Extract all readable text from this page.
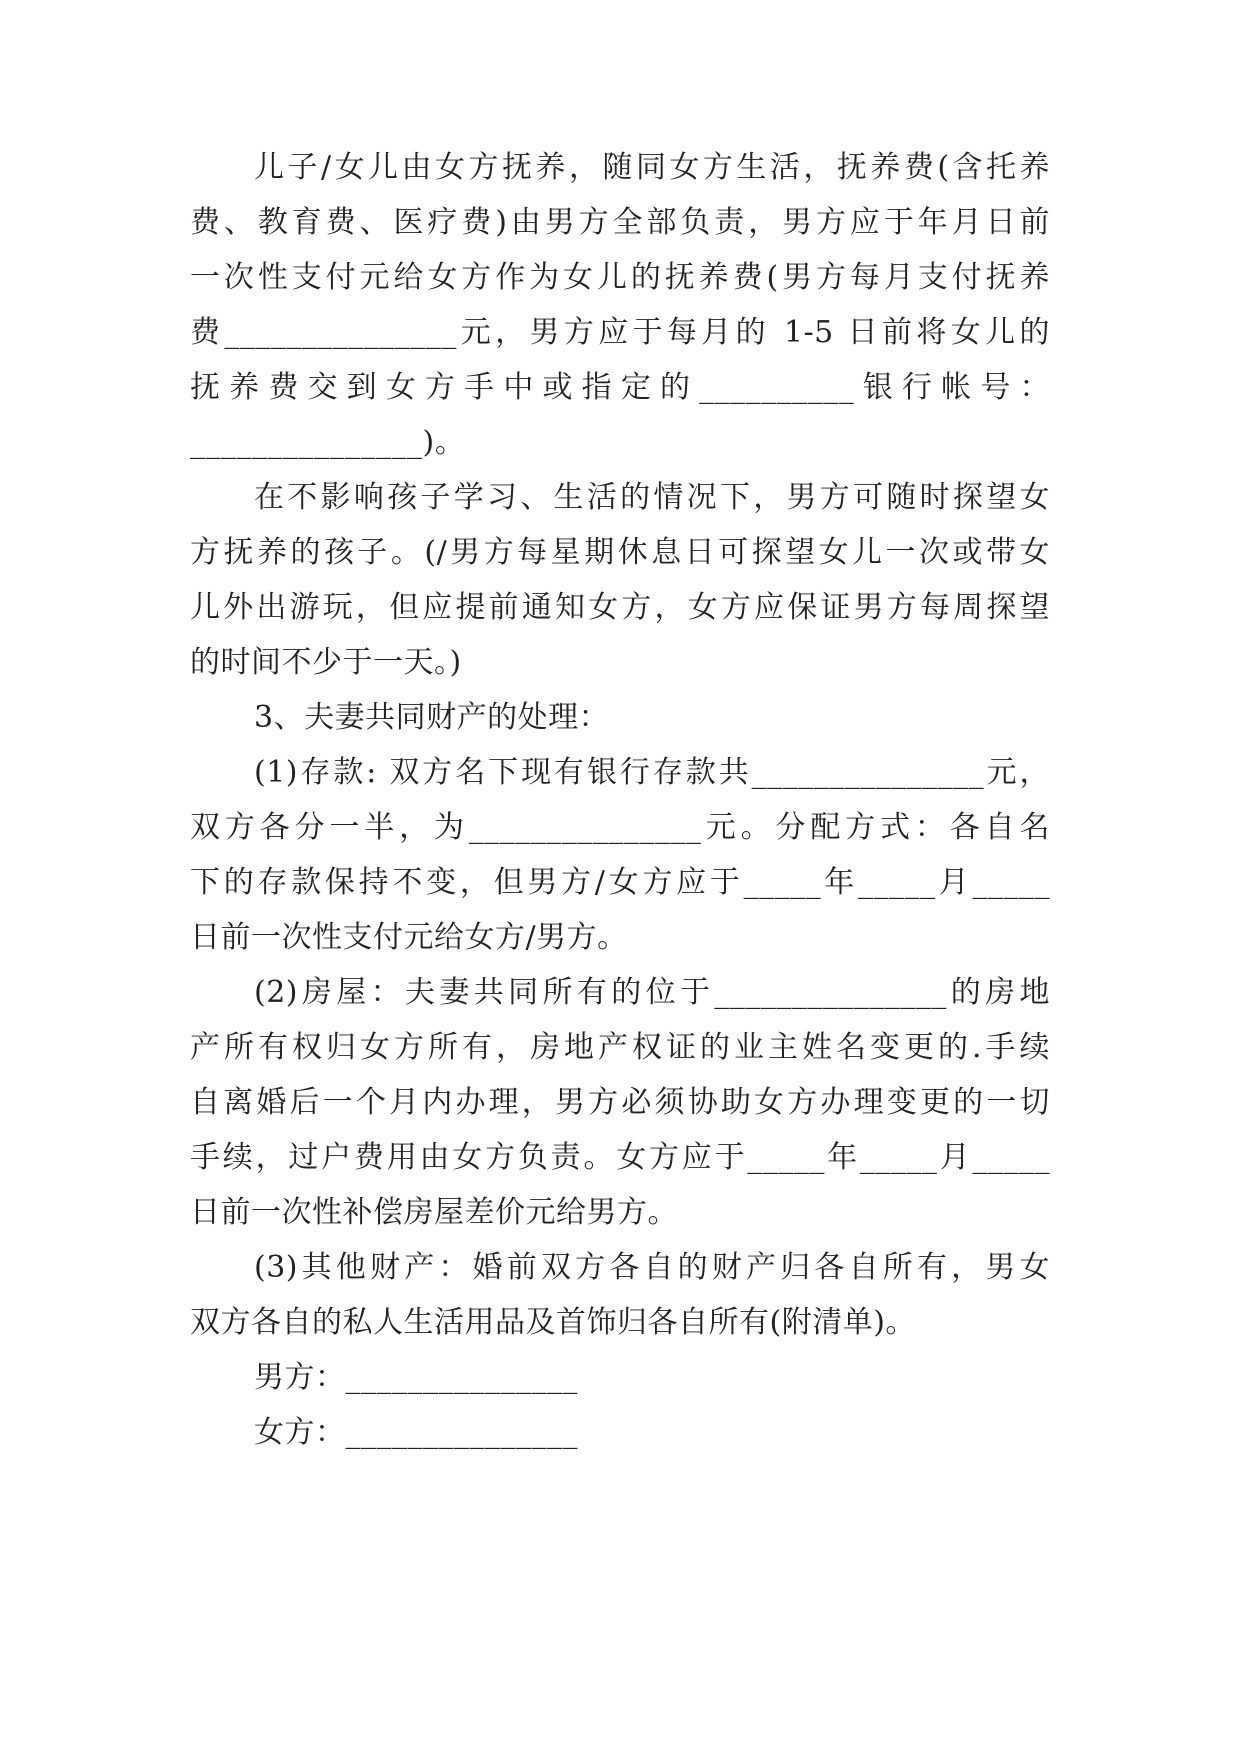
儿子/女儿由女方抚养，随同女方生活，抚养费(含托养
费、教育费、医疗费)由男方全部负责，男方应于年月日前
一次性支付元给女方作为女儿的抚养费(男方每月支付抚养
费_______________元，男方应于每月的 1-5 日前将女儿的
抚养费交到女方手中或指定的__________银行帐号：
_______________)。
在不影响孩子学习、生活的情况下，男方可随时探望女
方抚养的孩子。(/男方每星期休息日可探望女儿一次或带女
儿外出游玩，但应提前通知女方，女方应保证男方每周探望
的时间不少于一天。)
3、夫妻共同财产的处理：
(1)存款: 双方名下现有银行存款共_______________元，
双方各分一半，为_______________元。分配方式：各自名
下的存款保持不变，但男方/女方应于_____年_____月_____
日前一次性支付元给女方/男方。
(2)房屋：夫妻共同所有的位于_______________的房地
产所有权归女方所有，房地产权证的业主姓名变更的.手续
自离婚后一个月内办理，男方必须协助女方办理变更的一切
手续，过户费用由女方负责。女方应于_____年_____月_____
日前一次性补偿房屋差价元给男方。
(3)其他财产：婚前双方各自的财产归各自所有，男女
双方各自的私人生活用品及首饰归各自所有(附清单)。
男方：_______________
女方：_______________
